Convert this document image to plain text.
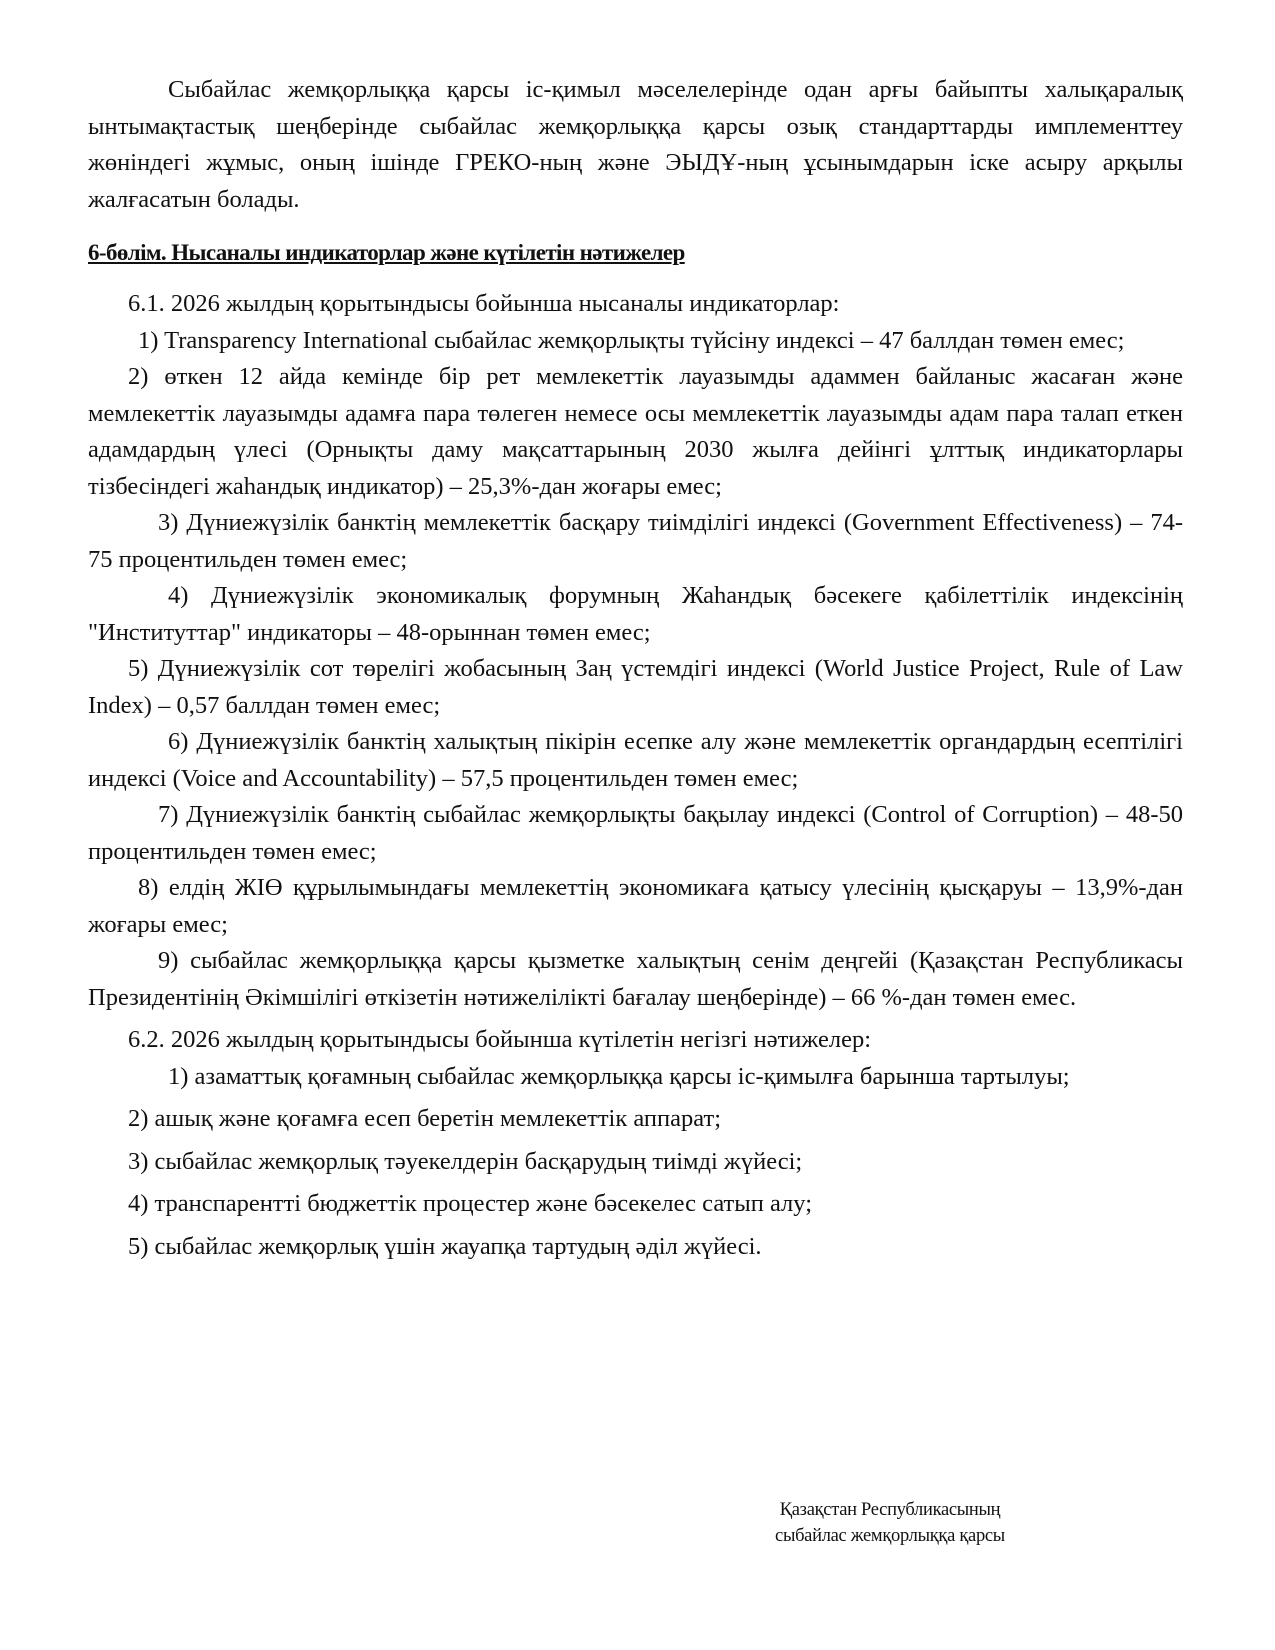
Сыбайлас жемқорлыққа қарсы іс-қимыл мәселелерінде одан арғы байыпты халықаралық ынтымақтастық шеңберінде сыбайлас жемқорлыққа қарсы озық стандарттарды имплементтеу жөніндегі жұмыс, оның ішінде ГРЕКО-ның және ЭЫДҰ-ның ұсынымдарын іске асыру арқылы жалғасатын болады.

6-бөлім. Нысаналы индикаторлар және күтілетін нәтижелер

6.1. 2026 жылдың қорытындысы бойынша нысаналы индикаторлар:

1) Transparency International сыбайлас жемқорлықты түйсіну индексі – 47 баллдан төмен емес;

2) өткен 12 айда кемінде бір рет мемлекеттік лауазымды адаммен байланыс жасаған және мемлекеттік лауазымды адамға пара төлеген немесе осы мемлекеттік лауазымды адам пара талап еткен адамдардың үлесі (Орнықты даму мақсаттарының 2030 жылға дейінгі ұлттық индикаторлары тізбесіндегі жаһандық индикатор) – 25,3%-дан жоғары емес;

3) Дүниежүзілік банктің мемлекеттік басқару тиімділігі индексі (Government Effectiveness) – 74-75 процентильден төмен емес;

4) Дүниежүзілік экономикалық форумның Жаһандық бәсекеге қабілеттілік индексінің "Институттар" индикаторы – 48-орыннан төмен емес;

5) Дүниежүзілік сот төрелігі жобасының Заң үстемдігі индексі (World Justice Project, Rule of Law Index) – 0,57 баллдан төмен емес;

6) Дүниежүзілік банктің халықтың пікірін есепке алу және мемлекеттік органдардың есептілігі индексі (Voice and Accountability) – 57,5 процентильден төмен емес;

7) Дүниежүзілік банктің сыбайлас жемқорлықты бақылау индексі (Control of Corruption) – 48-50 процентильден төмен емес;

8) елдің ЖІӨ құрылымындағы мемлекеттің экономикаға қатысу үлесінің қысқаруы – 13,9%-дан жоғары емес;

9) сыбайлас жемқорлыққа қарсы қызметке халықтың сенім деңгейі (Қазақстан Республикасы Президентінің Әкімшілігі өткізетін нәтижелілікті бағалау шеңберінде) – 66 %-дан төмен емес.

6.2. 2026 жылдың қорытындысы бойынша күтілетін негізгі нәтижелер:

1) азаматтық қоғамның сыбайлас жемқорлыққа қарсы іс-қимылға барынша тартылуы;

2) ашық және қоғамға есеп беретін мемлекеттік аппарат;

3) сыбайлас жемқорлық тәуекелдерін басқарудың тиімді жүйесі;

4) транспарентті бюджеттік процестер және бәсекелес сатып алу;

5) сыбайлас жемқорлық үшін жауапқа тартудың әділ жүйесі.

Қазақстан Республикасының
сыбайлас жемқорлыққа қарсы
